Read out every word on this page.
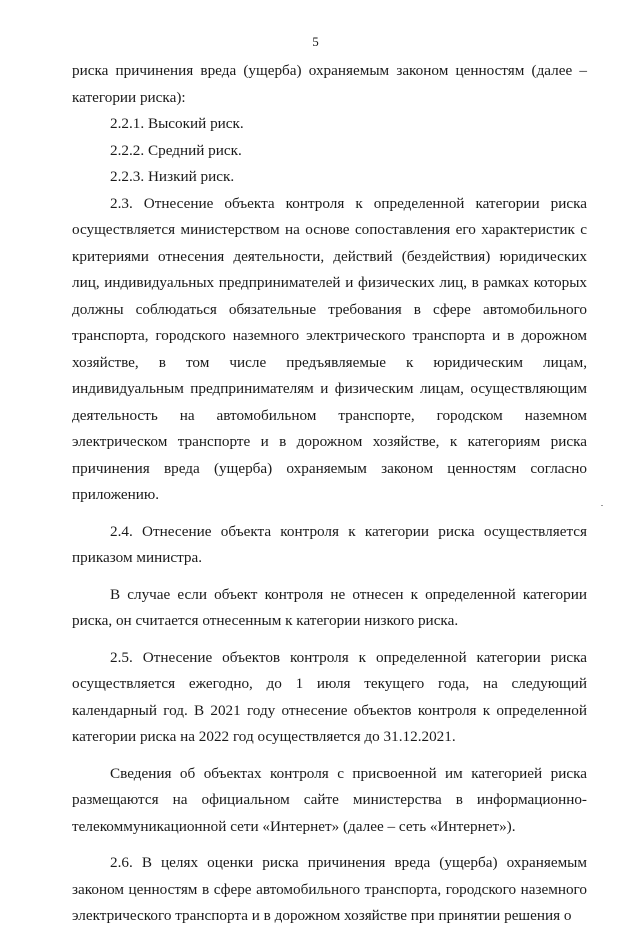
5

риска причинения вреда (ущерба) охраняемым законом ценностям (далее – категории риска):

2.2.1. Высокий риск.

2.2.2. Средний риск.

2.2.3. Низкий риск.

2.3. Отнесение объекта контроля к определенной категории риска осуществляется министерством на основе сопоставления его характеристик с критериями отнесения деятельности, действий (бездействия) юридических лиц, индивидуальных предпринимателей и физических лиц, в рамках которых должны соблюдаться обязательные требования в сфере автомобильного транспорта, городского наземного электрического транспорта и в дорожном хозяйстве, в том числе предъявляемые к юридическим лицам, индивидуальным предпринимателям и физическим лицам, осуществляющим деятельность на автомобильном транспорте, городском наземном электрическом транспорте и в дорожном хозяйстве, к категориям риска причинения вреда (ущерба) охраняемым законом ценностям согласно приложению.

2.4. Отнесение объекта контроля к категории риска осуществляется приказом министра.

В случае если объект контроля не отнесен к определенной категории риска, он считается отнесенным к категории низкого риска.

2.5. Отнесение объектов контроля к определенной категории риска осуществляется ежегодно, до 1 июля текущего года, на следующий календарный год. В 2021 году отнесение объектов контроля к определенной категории риска на 2022 год осуществляется до 31.12.2021.

Сведения об объектах контроля с присвоенной им категорией риска размещаются на официальном сайте министерства в информационно-телекоммуникационной сети «Интернет» (далее – сеть «Интернет»).

2.6. В целях оценки риска причинения вреда (ущерба) охраняемым законом ценностям в сфере автомобильного транспорта, городского наземного электрического транспорта и в дорожном хозяйстве при принятии решения о
